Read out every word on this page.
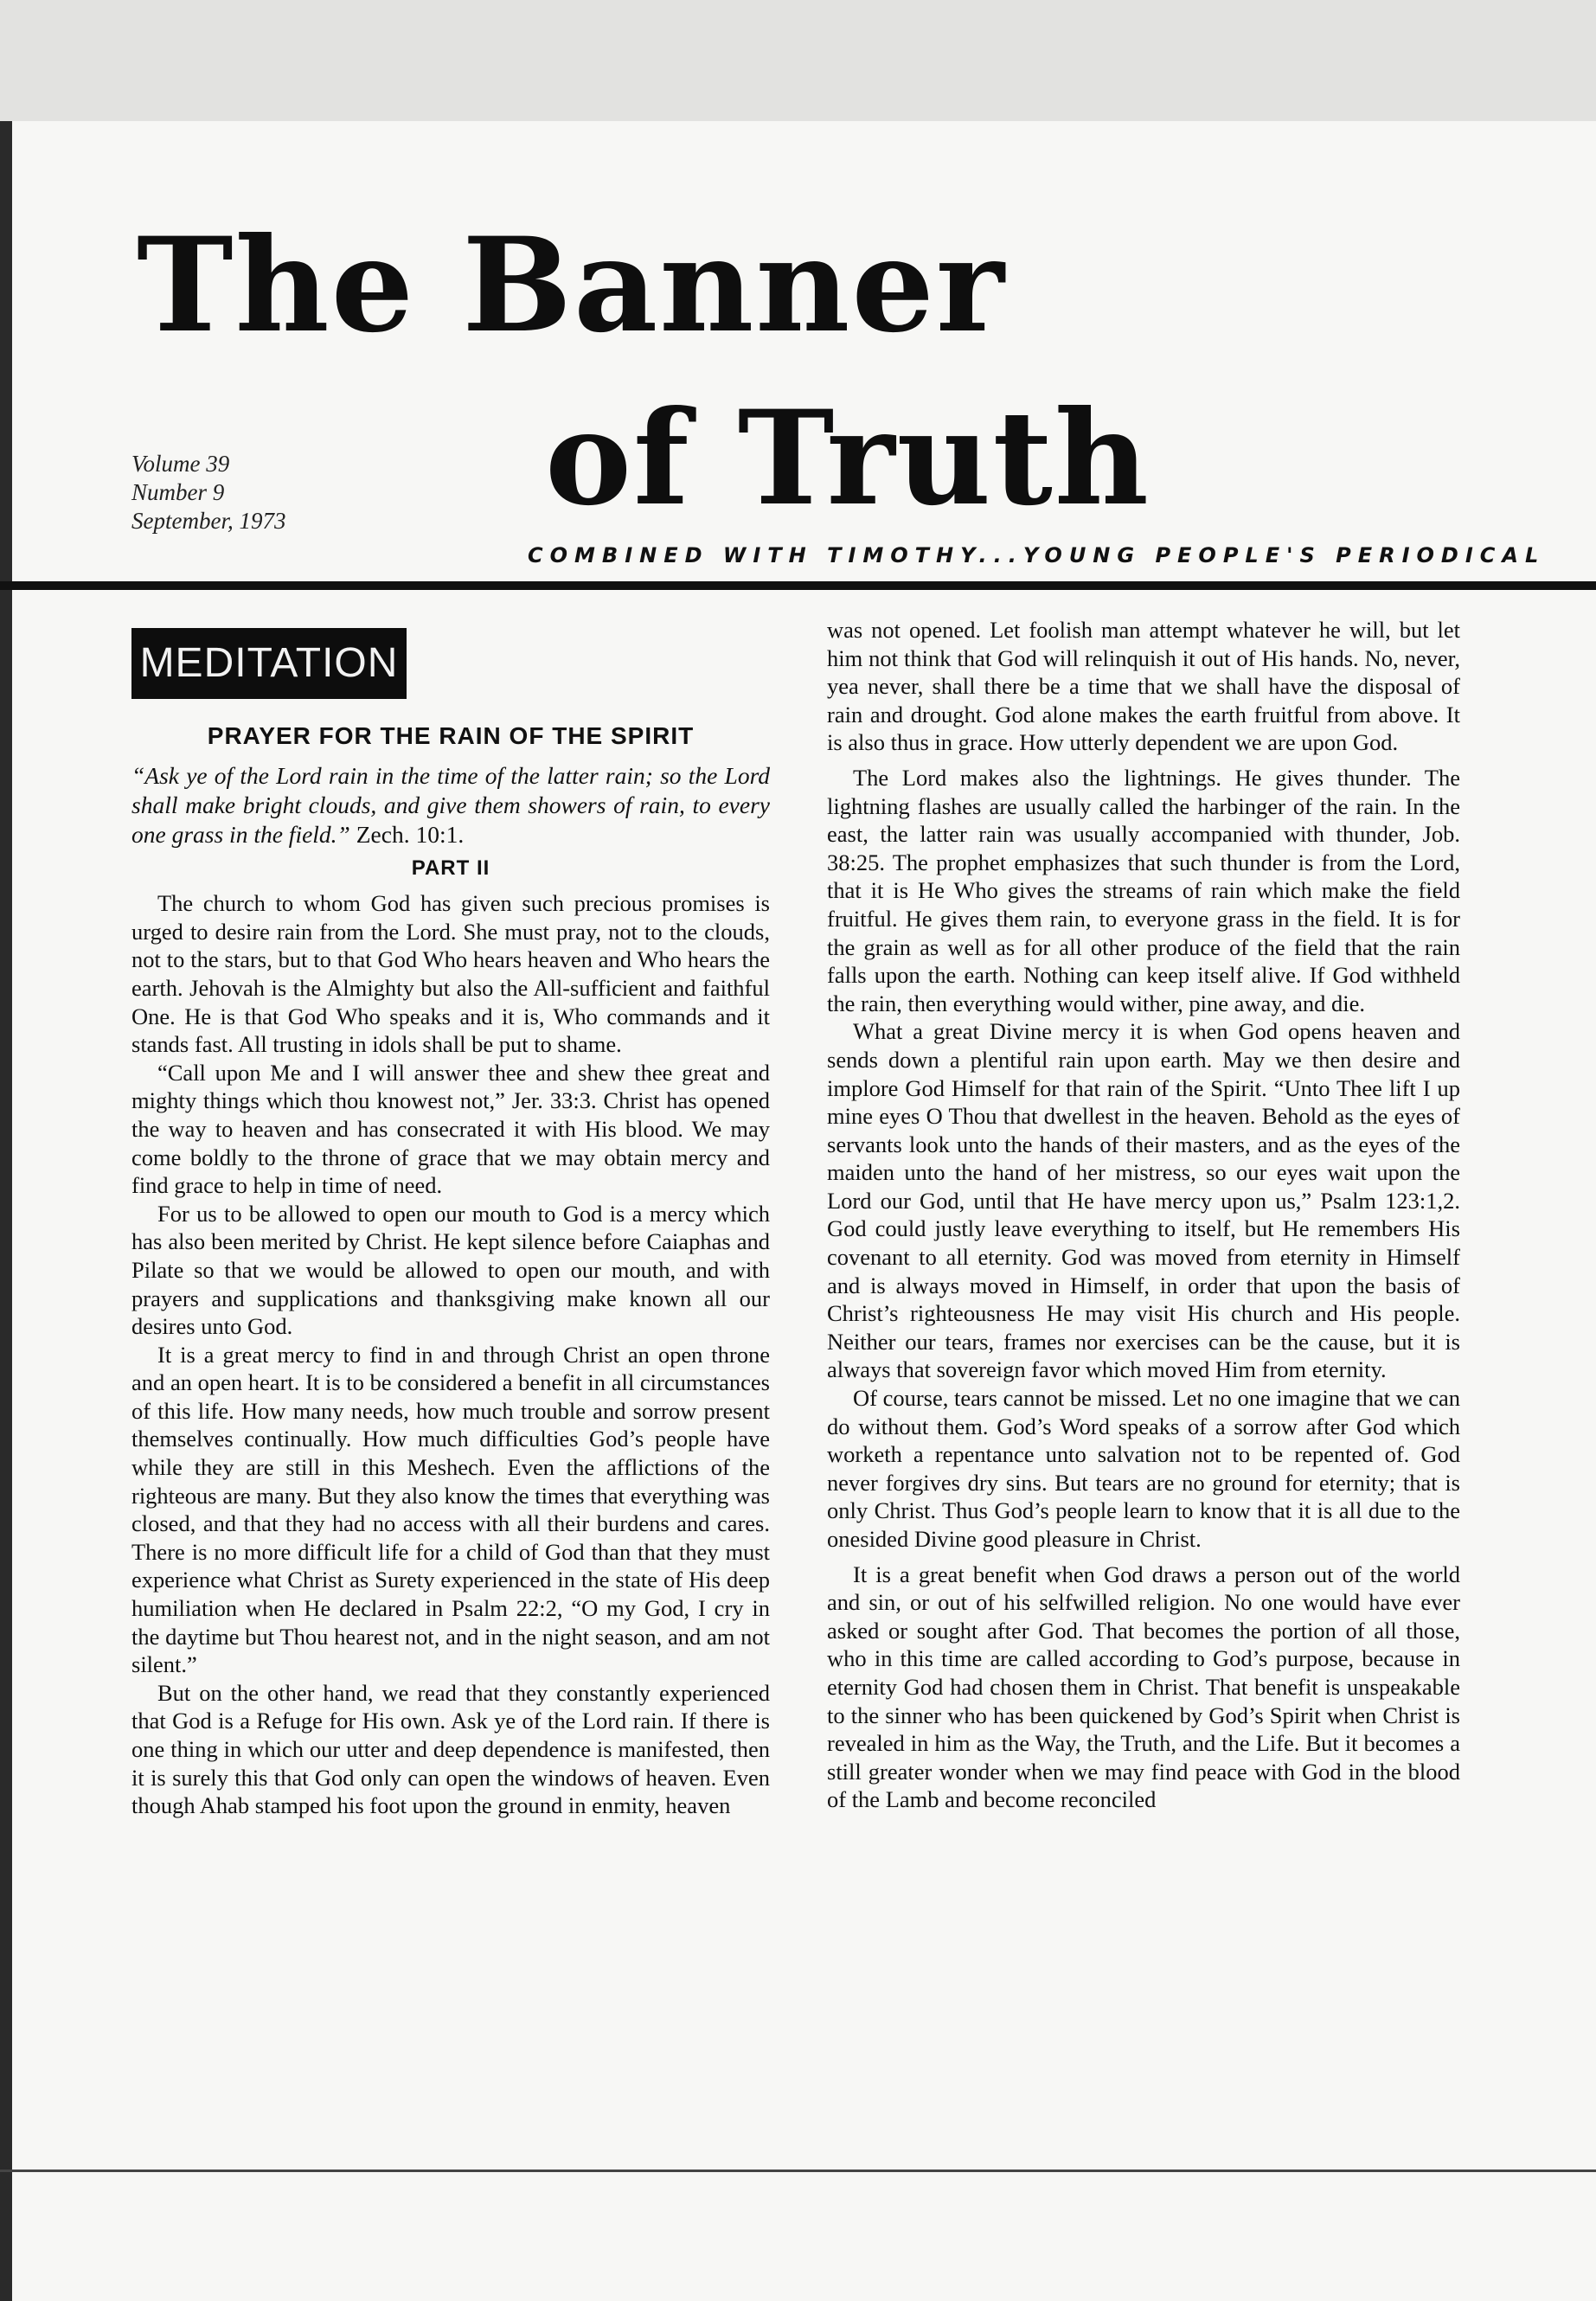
The Banner
of Truth
Volume 39
Number 9
September, 1973
COMBINED WITH TIMOTHY...YOUNG PEOPLE'S PERIODICAL
MEDITATION
PRAYER FOR THE RAIN OF THE SPIRIT

“Ask ye of the Lord rain in the time of the latter rain; so the Lord shall make bright clouds, and give them showers of rain, to every one grass in the field.” Zech. 10:1.

PART II

The church to whom God has given such precious promises is urged to desire rain from the Lord. She must pray, not to the clouds, not to the stars, but to that God Who hears heaven and Who hears the earth. Jehovah is the Almighty but also the All-sufficient and faithful One. He is that God Who speaks and it is, Who commands and it stands fast. All trusting in idols shall be put to shame.

“Call upon Me and I will answer thee and shew thee great and mighty things which thou knowest not,” Jer. 33:3. Christ has opened the way to heaven and has consecrated it with His blood. We may come boldly to the throne of grace that we may obtain mercy and find grace to help in time of need.

For us to be allowed to open our mouth to God is a mercy which has also been merited by Christ. He kept silence before Caiaphas and Pilate so that we would be allowed to open our mouth, and with prayers and supplications and thanksgiving make known all our desires unto God.

It is a great mercy to find in and through Christ an open throne and an open heart. It is to be considered a benefit in all circumstances of this life. How many needs, how much trouble and sorrow present themselves continually. How much difficulties God’s people have while they are still in this Meshech. Even the afflictions of the righteous are many. But they also know the times that everything was closed, and that they had no access with all their burdens and cares. There is no more difficult life for a child of God than that they must experience what Christ as Surety experienced in the state of His deep humiliation when He declared in Psalm 22:2, “O my God, I cry in the daytime but Thou hearest not, and in the night season, and am not silent.”

But on the other hand, we read that they constantly experienced that God is a Refuge for His own. Ask ye of the Lord rain. If there is one thing in which our utter and deep dependence is manifested, then it is surely this that God only can open the windows of heaven. Even though Ahab stamped his foot upon the ground in enmity, heaven

was not opened. Let foolish man attempt whatever he will, but let him not think that God will relinquish it out of His hands. No, never, yea never, shall there be a time that we shall have the disposal of rain and drought. God alone makes the earth fruitful from above. It is also thus in grace. How utterly dependent we are upon God.

The Lord makes also the lightnings. He gives thunder. The lightning flashes are usually called the harbinger of the rain. In the east, the latter rain was usually accompanied with thunder, Job. 38:25. The prophet emphasizes that such thunder is from the Lord, that it is He Who gives the streams of rain which make the field fruitful. He gives them rain, to everyone grass in the field. It is for the grain as well as for all other produce of the field that the rain falls upon the earth. Nothing can keep itself alive. If God withheld the rain, then everything would wither, pine away, and die.

What a great Divine mercy it is when God opens heaven and sends down a plentiful rain upon earth. May we then desire and implore God Himself for that rain of the Spirit. “Unto Thee lift I up mine eyes O Thou that dwellest in the heaven. Behold as the eyes of servants look unto the hands of their masters, and as the eyes of the maiden unto the hand of her mistress, so our eyes wait upon the Lord our God, until that He have mercy upon us,” Psalm 123:1,2. God could justly leave everything to itself, but He remembers His covenant to all eternity. God was moved from eternity in Himself and is always moved in Himself, in order that upon the basis of Christ’s righteousness He may visit His church and His people. Neither our tears, frames nor exercises can be the cause, but it is always that sovereign favor which moved Him from eternity.

Of course, tears cannot be missed. Let no one imagine that we can do without them. God’s Word speaks of a sorrow after God which worketh a repentance unto salvation not to be repented of. God never forgives dry sins. But tears are no ground for eternity; that is only Christ. Thus God’s people learn to know that it is all due to the onesided Divine good pleasure in Christ.

It is a great benefit when God draws a person out of the world and sin, or out of his selfwilled religion. No one would have ever asked or sought after God. That becomes the portion of all those, who in this time are called according to God’s purpose, because in eternity God had chosen them in Christ. That benefit is unspeakable to the sinner who has been quickened by God’s Spirit when Christ is revealed in him as the Way, the Truth, and the Life. But it becomes a still greater wonder when we may find peace with God in the blood of the Lamb and become reconciled
